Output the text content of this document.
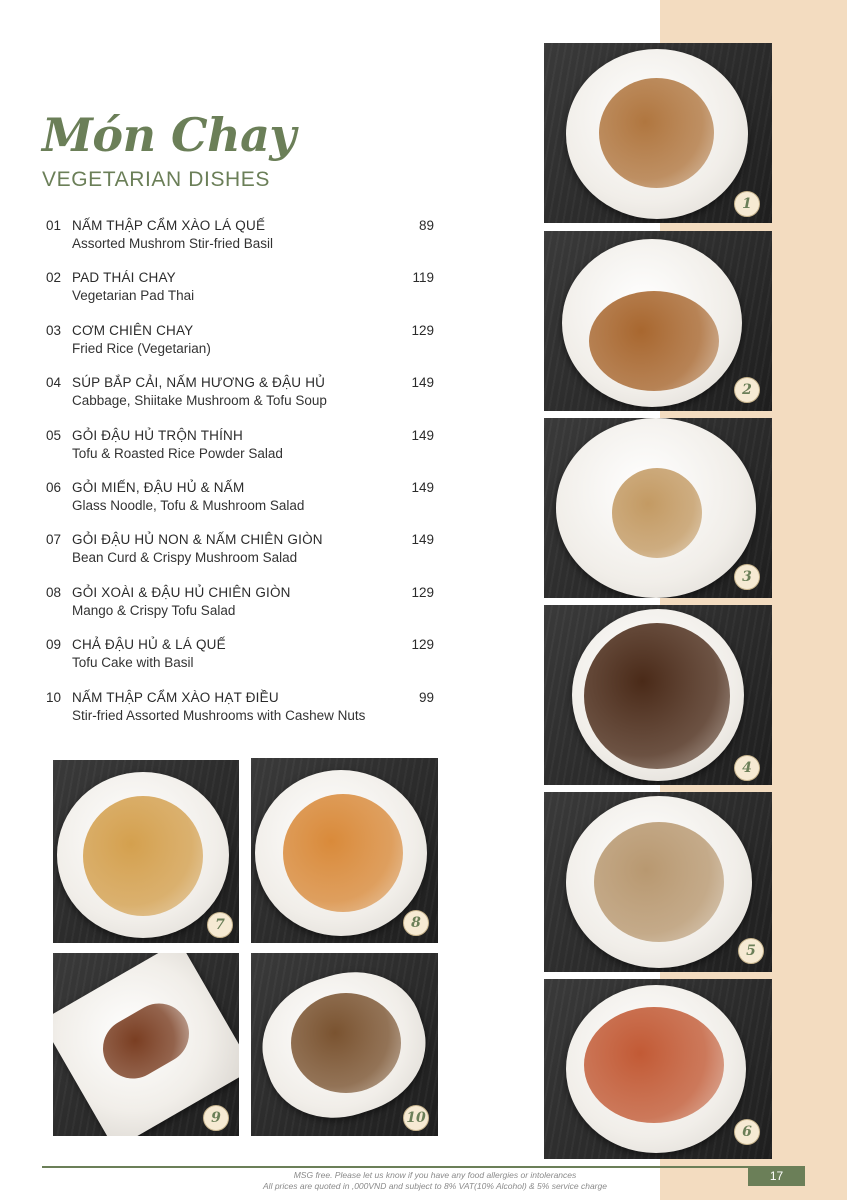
Món Chay
VEGETARIAN DISHES
01 NẤM THẬP CẨM XÀO LÁ QUẾ
Assorted Mushrom Stir-fried Basil
89
02 PAD THÁI CHAY
Vegetarian Pad Thai
119
03 CƠM CHIÊN CHAY
Fried Rice (Vegetarian)
129
04 SÚP BẮP CẢI, NẤM HƯƠNG & ĐẬU HỦ
Cabbage, Shiitake Mushroom & Tofu Soup
149
05 GỎI ĐẬU HỦ TRỘN THÍNH
Tofu & Roasted Rice Powder Salad
149
06 GỎI MIẾN, ĐẬU HỦ & NẤM
Glass Noodle, Tofu & Mushroom Salad
149
07 GỎI ĐẬU HỦ NON & NẤM CHIÊN GIÒN
Bean Curd & Crispy Mushroom Salad
149
08 GỎI XOÀI & ĐẬU HỦ CHIÊN GIÒN
Mango & Crispy Tofu Salad
129
09 CHẢ ĐẬU HỦ & LÁ QUẾ
Tofu Cake with Basil
129
10 NẤM THẬP CẨM XÀO HẠT ĐIỀU
Stir-fried Assorted Mushrooms with Cashew Nuts
99
1
2
3
4
5
6
7	8
9	10
17
MSG free. Please let us know if you have any food allergies or intolerances
All prices are quoted in ,000VND and subject to 8% VAT(10% Alcohol) & 5% service charge
